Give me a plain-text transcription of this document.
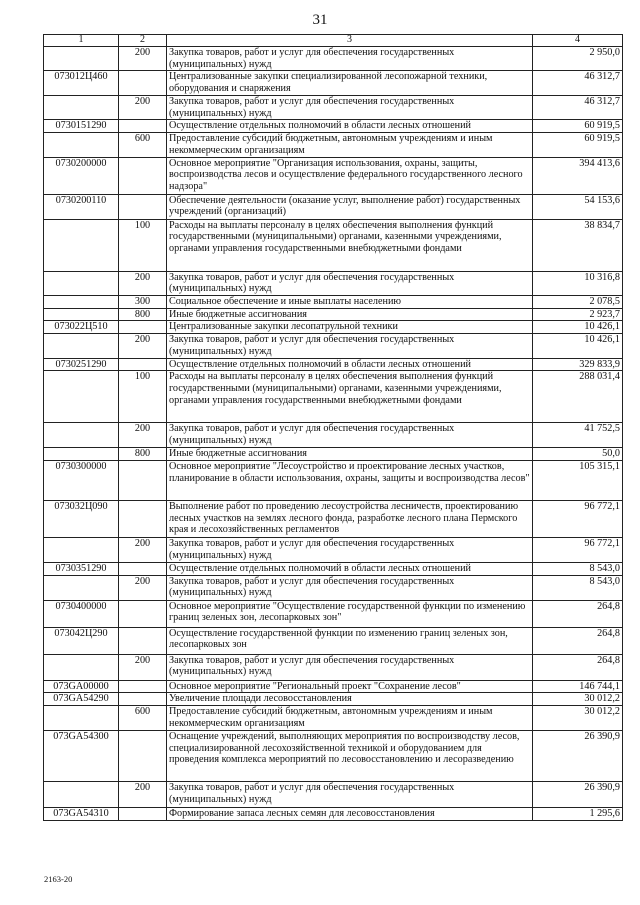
31
1	2	3	4
	200	Закупка товаров, работ и услуг для обеспечения государственных (муниципальных) нужд	2 950,0
073012Ц460		Централизованные закупки специализированной лесопожарной техники, оборудования и снаряжения	46 312,7
	200	Закупка товаров, работ и услуг для обеспечения государственных (муниципальных) нужд	46 312,7
0730151290		Осуществление отдельных полномочий в области лесных отношений	60 919,5
	600	Предоставление субсидий бюджетным, автономным учреждениям и иным некоммерческим организациям	60 919,5
0730200000		Основное мероприятие "Организация использования, охраны, защиты, воспроизводства лесов и осуществление федерального государственного лесного надзора"	394 413,6
0730200110		Обеспечение деятельности (оказание услуг, выполнение работ) государственных учреждений (организаций)	54 153,6
	100	Расходы на выплаты персоналу в целях обеспечения выполнения функций государственными (муниципальными) органами, казенными учреждениями, органами управления государственными внебюджетными фондами	38 834,7
	200	Закупка товаров, работ и услуг для обеспечения государственных (муниципальных) нужд	10 316,8
	300	Социальное обеспечение и иные выплаты населению	2 078,5
	800	Иные бюджетные ассигнования	2 923,7
073022Ц510		Централизованные закупки лесопатрульной техники	10 426,1
	200	Закупка товаров, работ и услуг для обеспечения государственных (муниципальных) нужд	10 426,1
0730251290		Осуществление отдельных полномочий в области лесных отношений	329 833,9
	100	Расходы на выплаты персоналу в целях обеспечения выполнения функций государственными (муниципальными) органами, казенными учреждениями, органами управления государственными внебюджетными фондами	288 031,4
	200	Закупка товаров, работ и услуг для обеспечения государственных (муниципальных) нужд	41 752,5
	800	Иные бюджетные ассигнования	50,0
0730300000		Основное мероприятие "Лесоустройство и проектирование лесных участков, планирование в области использования, охраны, защиты и воспроизводства лесов"	105 315,1
073032Ц090		Выполнение работ по проведению лесоустройства лесничеств, проектированию лесных участков на землях лесного фонда, разработке лесного плана Пермского края и лесохозяйственных регламентов	96 772,1
	200	Закупка товаров, работ и услуг для обеспечения государственных (муниципальных) нужд	96 772,1
0730351290		Осуществление отдельных полномочий в области лесных отношений	8 543,0
	200	Закупка товаров, работ и услуг для обеспечения государственных (муниципальных) нужд	8 543,0
0730400000		Основное мероприятие "Осуществление государственной функции по изменению границ зеленых зон, лесопарковых зон"	264,8
073042Ц290		Осуществление государственной функции по изменению границ зеленых зон, лесопарковых зон	264,8
	200	Закупка товаров, работ и услуг для обеспечения государственных (муниципальных) нужд	264,8
073GA00000		Основное мероприятие "Региональный проект "Сохранение лесов"	146 744,1
073GA54290		Увеличение площади лесовосстановления	30 012,2
	600	Предоставление субсидий бюджетным, автономным учреждениям и иным некоммерческим организациям	30 012,2
073GA54300		Оснащение учреждений, выполняющих мероприятия по воспроизводству лесов, специализированной лесохозяйственной техникой и оборудованием для проведения комплекса мероприятий по лесовосстановлению и лесоразведению	26 390,9
	200	Закупка товаров, работ и услуг для обеспечения государственных (муниципальных) нужд	26 390,9
073GA54310		Формирование запаса лесных семян для лесовосстановления	1 295,6
2163-20
